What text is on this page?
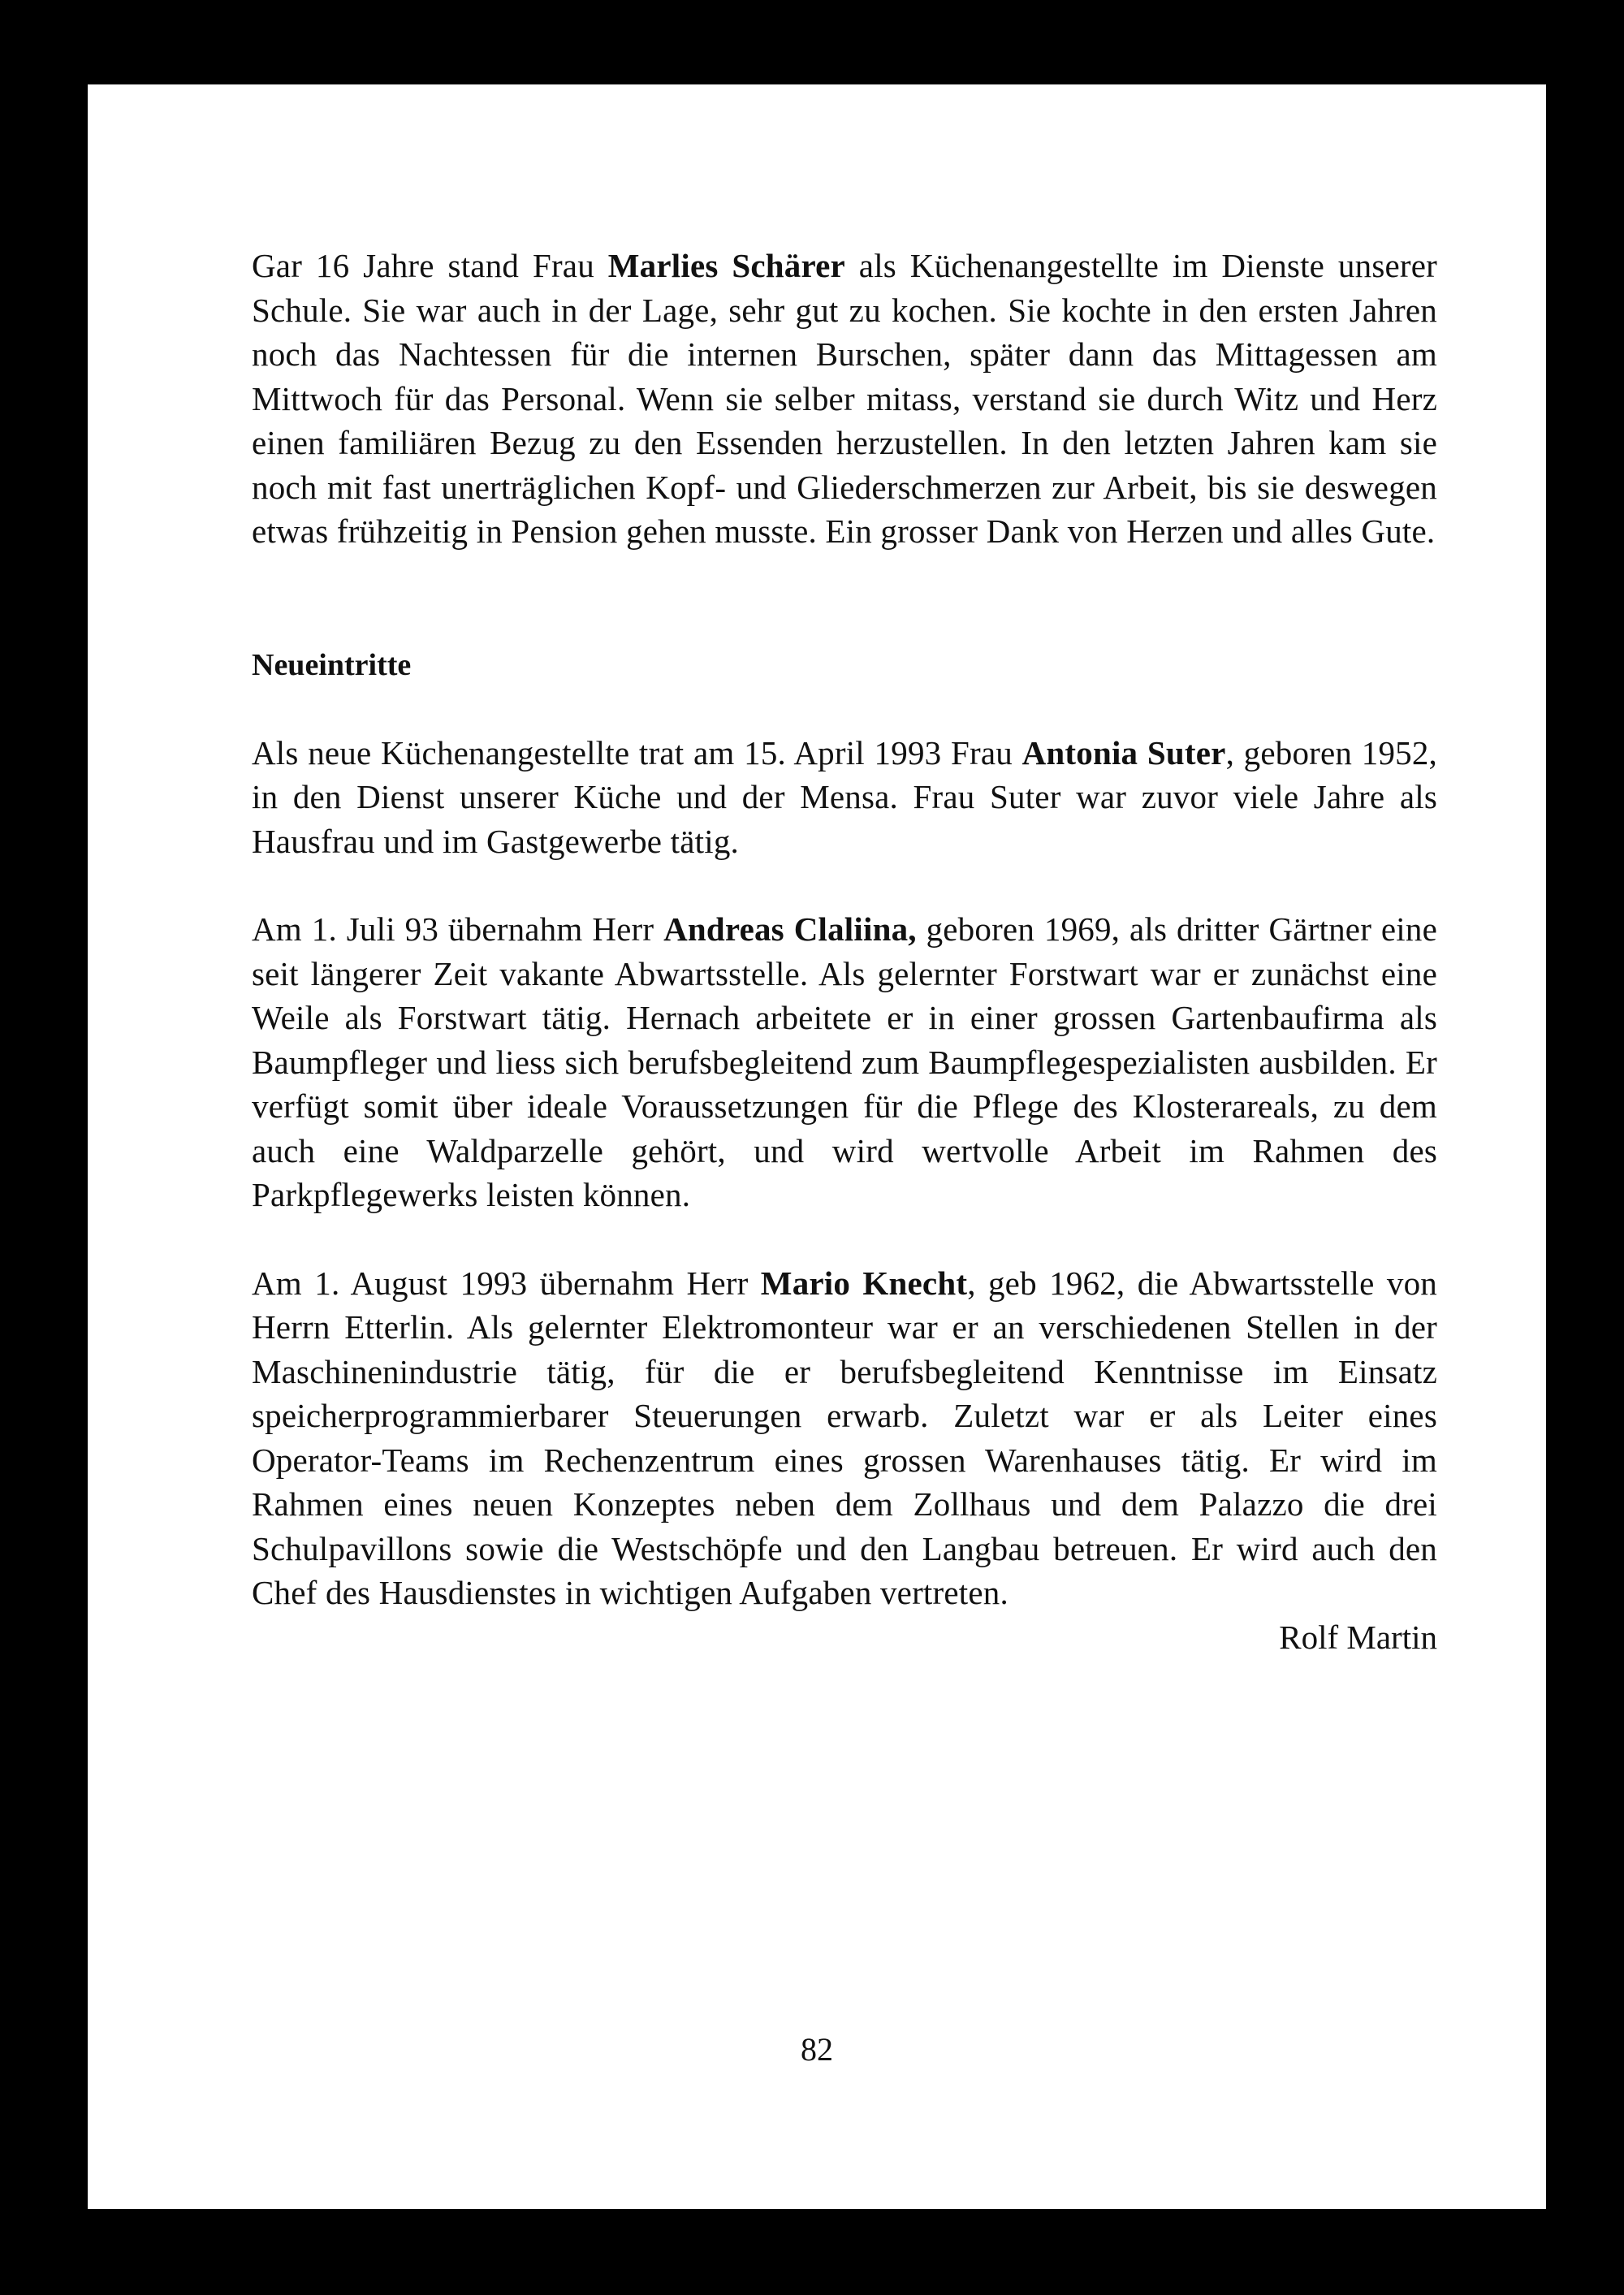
Gar 16 Jahre stand Frau Marlies Schärer als Küchenangestellte im Dienste unserer Schule. Sie war auch in der Lage, sehr gut zu kochen. Sie kochte in den ersten Jahren noch das Nachtessen für die internen Burschen, später dann das Mittagessen am Mittwoch für das Personal. Wenn sie selber mitass, verstand sie durch Witz und Herz einen familiären Bezug zu den Essenden herzustellen. In den letzten Jahren kam sie noch mit fast unerträglichen Kopf- und Gliederschmerzen zur Arbeit, bis sie deswegen etwas frühzeitig in Pension gehen musste. Ein grosser Dank von Herzen und alles Gute.

Neueintritte

Als neue Küchenangestellte trat am 15. April 1993 Frau Antonia Suter, geboren 1952, in den Dienst unserer Küche und der Mensa. Frau Suter war zuvor viele Jahre als Hausfrau und im Gastgewerbe tätig.

Am 1. Juli 93 übernahm Herr Andreas Claliina, geboren 1969, als dritter Gärtner eine seit längerer Zeit vakante Abwartsstelle. Als gelernter Forstwart war er zunächst eine Weile als Forstwart tätig. Hernach arbeitete er in einer grossen Gartenbaufirma als Baumpfleger und liess sich berufsbegleitend zum Baumpflegespezialisten ausbilden. Er verfügt somit über ideale Voraussetzungen für die Pflege des Klosterareals, zu dem auch eine Waldparzelle gehört, und wird wertvolle Arbeit im Rahmen des Parkpflegewerks leisten können.

Am 1. August 1993 übernahm Herr Mario Knecht, geb 1962, die Abwartsstelle von Herrn Etterlin. Als gelernter Elektromonteur war er an verschiedenen Stellen in der Maschinenindustrie tätig, für die er berufsbegleitend Kenntnisse im Einsatz speicherprogrammierbarer Steuerungen erwarb. Zuletzt war er als Leiter eines Operator-Teams im Rechenzentrum eines grossen Warenhauses tätig. Er wird im Rahmen eines neuen Konzeptes neben dem Zollhaus und dem Palazzo die drei Schulpavillons sowie die Westschöpfe und den Langbau betreuen. Er wird auch den Chef des Hausdienstes in wichtigen Aufgaben vertreten.

Rolf Martin

82
